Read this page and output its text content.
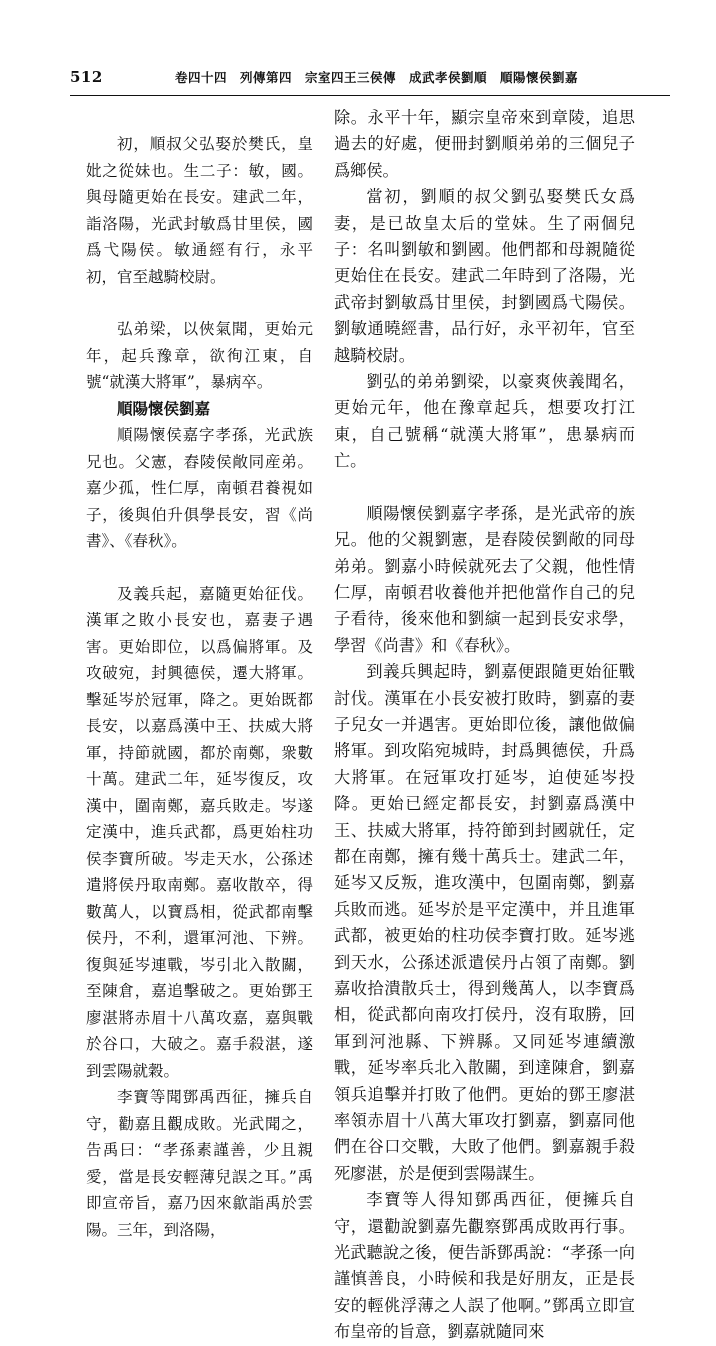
512	卷四十四　列傳第四　宗室四王三侯傳　成武孝侯劉順　順陽懷侯劉嘉

初，順叔父弘娶於樊氏，皇妣之從妹也。生二子：敏，國。與母隨更始在長安。建武二年，詣洛陽，光武封敏爲甘里侯，國爲弋陽侯。敏通經有行，永平初，官至越騎校尉。

弘弟梁，以俠氣聞，更始元年，起兵豫章，欲徇江東，自號“就漢大將軍”，暴病卒。

順陽懷侯劉嘉

順陽懷侯嘉字孝孫，光武族兄也。父憲，舂陵侯敞同産弟。嘉少孤，性仁厚，南頓君養視如子，後與伯升俱學長安，習《尚書》、《春秋》。

及義兵起，嘉隨更始征伐。漢軍之敗小長安也，嘉妻子遇害。更始即位，以爲偏將軍。及攻破宛，封興德侯，遷大將軍。擊延岑於冠軍，降之。更始既都長安，以嘉爲漢中王、扶威大將軍，持節就國，都於南鄭，衆數十萬。建武二年，延岑復反，攻漢中，圍南鄭，嘉兵敗走。岑遂定漢中，進兵武都，爲更始柱功侯李寶所破。岑走天水，公孫述遣將侯丹取南鄭。嘉收散卒，得數萬人，以寶爲相，從武都南擊侯丹，不利，還軍河池、下辨。復與延岑連戰，岑引北入散關，至陳倉，嘉追擊破之。更始鄧王廖湛將赤眉十八萬攻嘉，嘉與戰於谷口，大破之。嘉手殺湛，遂到雲陽就穀。

李寶等聞鄧禹西征，擁兵自守，勸嘉且觀成敗。光武聞之，告禹曰：“孝孫素謹善，少且親愛，當是長安輕薄兒誤之耳。”禹即宣帝旨，嘉乃因來歙詣禹於雲陽。三年，到洛陽，

除。永平十年，顯宗皇帝來到章陵，追思過去的好處，便冊封劉順弟弟的三個兒子爲鄉侯。

當初，劉順的叔父劉弘娶樊氏女爲妻，是已故皇太后的堂妹。生了兩個兒子：名叫劉敏和劉國。他們都和母親隨從更始住在長安。建武二年時到了洛陽，光武帝封劉敏爲甘里侯，封劉國爲弋陽侯。劉敏通曉經書，品行好，永平初年，官至越騎校尉。

劉弘的弟弟劉梁，以豪爽俠義聞名，更始元年，他在豫章起兵，想要攻打江東，自己號稱“就漢大將軍”，患暴病而亡。

順陽懷侯劉嘉字孝孫，是光武帝的族兄。他的父親劉憲，是舂陵侯劉敞的同母弟弟。劉嘉小時候就死去了父親，他性情仁厚，南頓君收養他并把他當作自己的兒子看待，後來他和劉縯一起到長安求學，學習《尚書》和《春秋》。

到義兵興起時，劉嘉便跟隨更始征戰討伐。漢軍在小長安被打敗時，劉嘉的妻子兒女一并遇害。更始即位後，讓他做偏將軍。到攻陷宛城時，封爲興德侯，升爲大將軍。在冠軍攻打延岑，迫使延岑投降。更始已經定都長安，封劉嘉爲漢中王、扶威大將軍，持符節到封國就任，定都在南鄭，擁有幾十萬兵士。建武二年，延岑又反叛，進攻漢中，包圍南鄭，劉嘉兵敗而逃。延岑於是平定漢中，并且進軍武都，被更始的柱功侯李寶打敗。延岑逃到天水，公孫述派遣侯丹占領了南鄭。劉嘉收拾潰散兵士，得到幾萬人，以李寶爲相，從武都向南攻打侯丹，沒有取勝，回軍到河池縣、下辨縣。又同延岑連續激戰，延岑率兵北入散關，到達陳倉，劉嘉領兵追擊并打敗了他們。更始的鄧王廖湛率領赤眉十八萬大軍攻打劉嘉，劉嘉同他們在谷口交戰，大敗了他們。劉嘉親手殺死廖湛，於是便到雲陽謀生。

李寶等人得知鄧禹西征，便擁兵自守，還勸說劉嘉先觀察鄧禹成敗再行事。光武聽說之後，便告訴鄧禹說：“孝孫一向謹慎善良，小時候和我是好朋友，正是長安的輕佻浮薄之人誤了他啊。”鄧禹立即宣布皇帝的旨意，劉嘉就隨同來
